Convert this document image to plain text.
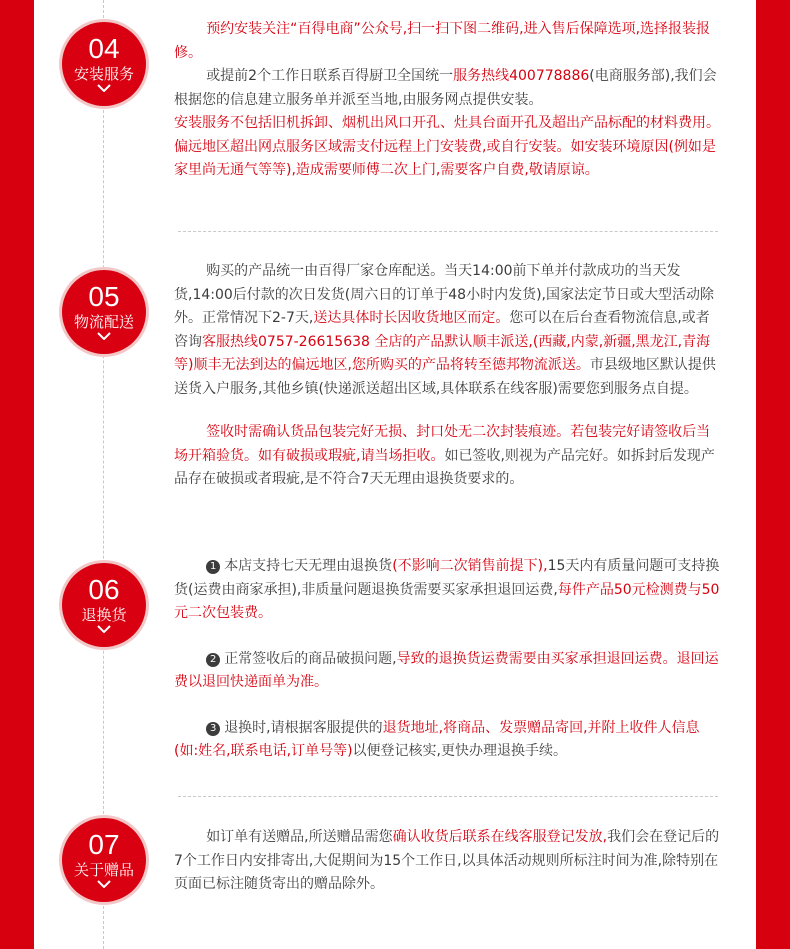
04
安装服务

预约安装关注“百得电商”公众号,扫一扫下图二维码,进入售后保障选项,选择报装报修。

或提前2个工作日联系百得厨卫全国统一服务热线400778886(电商服务部),我们会根据您的信息建立服务单并派至当地,由服务网点提供安装。

安装服务不包括旧机拆卸、烟机出风口开孔、灶具台面开孔及超出产品标配的材料费用。偏远地区超出网点服务区域需支付远程上门安装费,或自行安装。如安装环境原因(例如是家里尚无通气等等),造成需要师傅二次上门,需要客户自费,敬请原谅。

05
物流配送

购买的产品统一由百得厂家仓库配送。当天14:00前下单并付款成功的当天发货,14:00后付款的次日发货(周六日的订单于48小时内发货),国家法定节日或大型活动除外。正常情况下2-7天,送达具体时长因收货地区而定。您可以在后台查看物流信息,或者咨询客服热线0757-26615638 全店的产品默认顺丰派送,(西藏,内蒙,新疆,黑龙江,青海等)顺丰无法到达的偏远地区,您所购买的产品将转至德邦物流派送。市县级地区默认提供送货入户服务,其他乡镇(快递派送超出区域,具体联系在线客服)需要您到服务点自提。

签收时需确认货品包装完好无损、封口处无二次封装痕迹。若包装完好请签收后当场开箱验货。如有破损或瑕疵,请当场拒收。如已签收,则视为产品完好。如拆封后发现产品存在破损或者瑕疵,是不符合7天无理由退换货要求的。

06
退换货

1 本店支持七天无理由退换货(不影响二次销售前提下),15天内有质量问题可支持换货(运费由商家承担),非质量问题退换货需要买家承担退回运费,每件产品50元检测费与50元二次包装费。

2 正常签收后的商品破损问题,导致的退换货运费需要由买家承担退回运费。退回运费以退回快递面单为准。

3 退换时,请根据客服提供的退货地址,将商品、发票赠品寄回,并附上收件人信息(如:姓名,联系电话,订单号等)以便登记核实,更快办理退换手续。

07
关于赠品

如订单有送赠品,所送赠品需您确认收货后联系在线客服登记发放,我们会在登记后的7个工作日内安排寄出,大促期间为15个工作日,以具体活动规则所标注时间为准,除特别在页面已标注随货寄出的赠品除外。
